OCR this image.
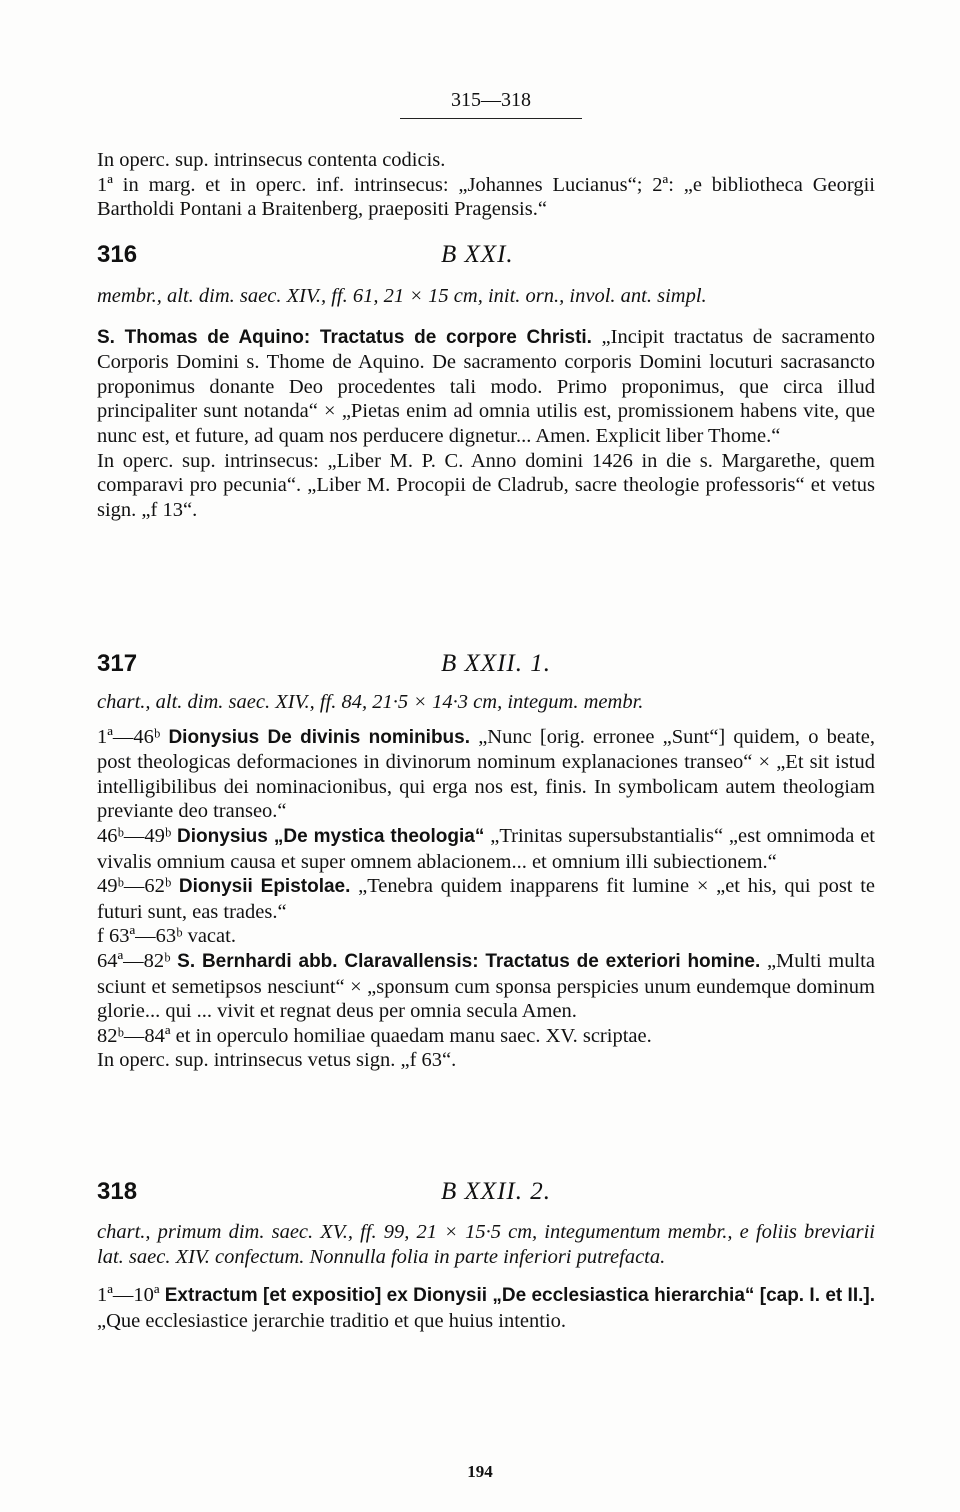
315—318

In operc. sup. intrinsecus contenta codicis.

1ª in marg. et in operc. inf. intrinsecus: „Johannes Lucianus“; 2ª: „e bibliotheca Georgii Bartholdi Pontani a Braitenberg, praepositi Pragensis.“

316	B XXI.

membr., alt. dim. saec. XIV., ff. 61, 21 × 15 cm, init. orn., invol. ant. simpl.

S. Thomas de Aquino: Tractatus de corpore Christi. „Incipit tractatus de sacramento Corporis Domini s. Thome de Aquino. De sacramento corporis Domini locuturi sacrasancto proponimus donante Deo procedentes tali modo. Primo proponimus, que circa illud principaliter sunt notanda“ × „Pietas enim ad omnia utilis est, promissionem habens vite, que nunc est, et future, ad quam nos perducere dignetur... Amen. Explicit liber Thome.“

In operc. sup. intrinsecus: „Liber M. P. C. Anno domini 1426 in die s. Margarethe, quem comparavi pro pecunia“. „Liber M. Procopii de Cladrub, sacre theologie professoris“ et vetus sign. „f 13“.

317	B XXII. 1.

chart., alt. dim. saec. XIV., ff. 84, 21·5 × 14·3 cm, integum. membr.

1ª—46ᵇ Dionysius De divinis nominibus. „Nunc [orig. erronee „Sunt“] quidem, o beate, post theologicas deformaciones in divinorum nominum explanaciones transeo“ × „Et sit istud intelligibilibus dei nominacionibus, qui erga nos est, finis. In symbolicam autem theologiam previante deo transeo.“

46ᵇ—49ᵇ Dionysius „De mystica theologia“ „Trinitas supersubstantialis“ „est omnimoda et vivalis omnium causa et super omnem ablacionem... et omnium illi subiectionem.“

49ᵇ—62ᵇ Dionysii Epistolae. „Tenebra quidem inapparens fit lumine × „et his, qui post te futuri sunt, eas trades.“

f 63ª—63ᵇ vacat.

64ª—82ᵇ S. Bernhardi abb. Claravallensis: Tractatus de exteriori homine. „Multi multa sciunt et semetipsos nesciunt“ × „sponsum cum sponsa perspicies unum eundemque dominum glorie... qui ... vivit et regnat deus per omnia secula Amen.

82ᵇ—84ª et in operculo homiliae quaedam manu saec. XV. scriptae.

In operc. sup. intrinsecus vetus sign. „f 63“.

318	B XXII. 2.

chart., primum dim. saec. XV., ff. 99, 21 × 15·5 cm, integumentum membr., e foliis breviarii lat. saec. XIV. confectum. Nonnulla folia in parte inferiori putrefacta.

1ª—10ª Extractum [et expositio] ex Dionysii „De ecclesiastica hierarchia“ [cap. I. et II.]. „Que ecclesiastice jerarchie traditio et que huius intentio.

194
